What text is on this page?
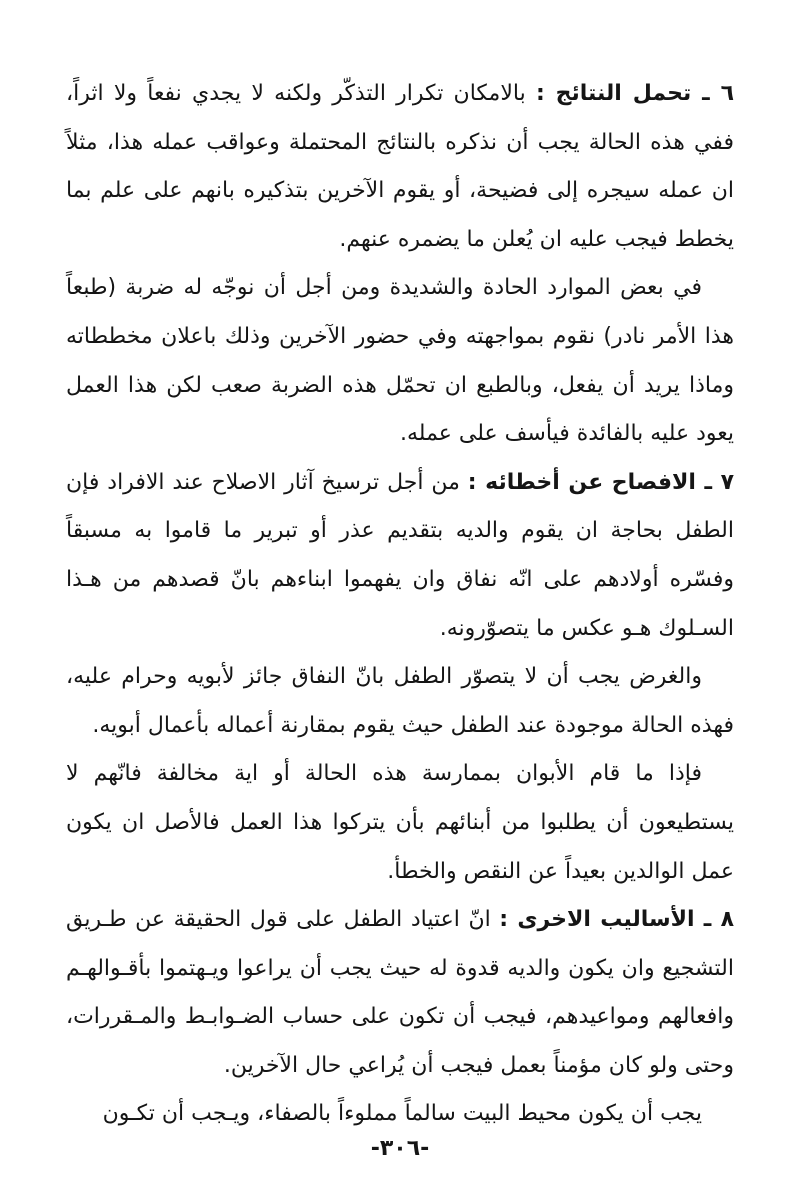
٦ ـ تحمل النتائج : بالامكان تكرار التذكّر ولكنه لا يجدي نفعاً ولا اثراً، ففي هذه الحالة يجب أن نذكره بالنتائج المحتملة وعواقب عمله هذا، مثلاً ان عمله سيجره إلى فضيحة، أو يقوم الآخرين بتذكيره بانهم على علم بما يخطط فيجب عليه ان يُعلن ما يضمره عنهم.

في بعض الموارد الحادة والشديدة ومن أجل أن نوجّه له ضربة (طبعاً هذا الأمر نادر) نقوم بمواجهته وفي حضور الآخرين وذلك باعلان مخططاته وماذا يريد أن يفعل، وبالطبع ان تحمّل هذه الضربة صعب لكن هذا العمل يعود عليه بالفائدة فيأسف على عمله.

٧ ـ الافصاح عن أخطائه : من أجل ترسيخ آثار الاصلاح عند الافراد فإن الطفل بحاجة ان يقوم والديه بتقديم عذر أو تبرير ما قاموا به مسبقاً وفسّره أولادهم على انّه نفاق وان يفهموا ابناءهم بانّ قصدهم من هـذا السـلوك هـو عكس ما يتصوّرونه.

والغرض يجب أن لا يتصوّر الطفل بانّ النفاق جائز لأبويه وحرام عليه، فهذه الحالة موجودة عند الطفل حيث يقوم بمقارنة أعماله بأعمال أبويه.

فإذا ما قام الأبوان بممارسة هذه الحالة أو اية مخالفة فانّهم لا يستطيعون أن يطلبوا من أبنائهم بأن يتركوا هذا العمل فالأصل ان يكون عمل الوالدين بعيداً عن النقص والخطأ.

٨ ـ الأساليب الاخرى : انّ اعتياد الطفل على قول الحقيقة عن طـريق التشجيع وان يكون والديه قدوة له حيث يجب أن يراعوا ويـهتموا بأقـوالهـم وافعالهم ومواعيدهم، فيجب أن تكون على حساب الضـوابـط والمـقررات، وحتى ولو كان مؤمناً بعمل فيجب أن يُراعي حال الآخرين.

يجب أن يكون محيط البيت سالماً مملوءاً بالصفاء، ويـجب أن تكـون

-٣٠٦-
